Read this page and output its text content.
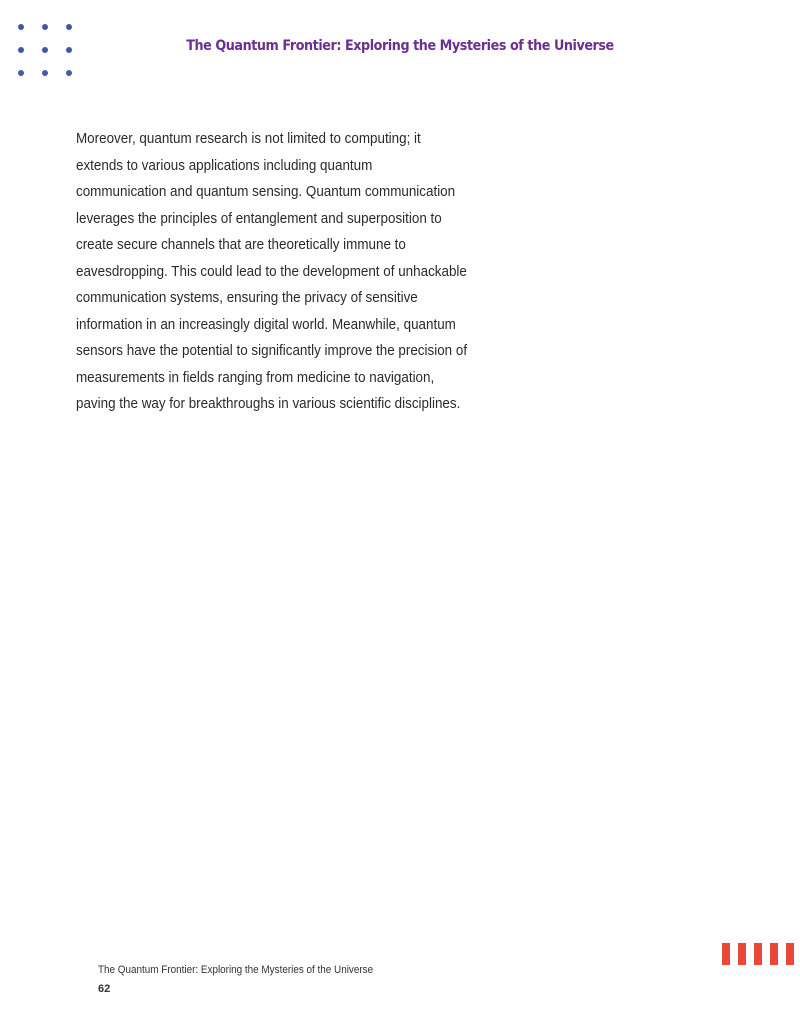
The Quantum Frontier: Exploring the Mysteries of the Universe
Moreover, quantum research is not limited to computing; it
extends to various applications including quantum
communication and quantum sensing. Quantum communication
leverages the principles of entanglement and superposition to
create secure channels that are theoretically immune to
eavesdropping. This could lead to the development of unhackable
communication systems, ensuring the privacy of sensitive
information in an increasingly digital world. Meanwhile, quantum
sensors have the potential to significantly improve the precision of
measurements in fields ranging from medicine to navigation,
paving the way for breakthroughs in various scientific disciplines.
The Quantum Frontier: Exploring the Mysteries of the Universe
62
